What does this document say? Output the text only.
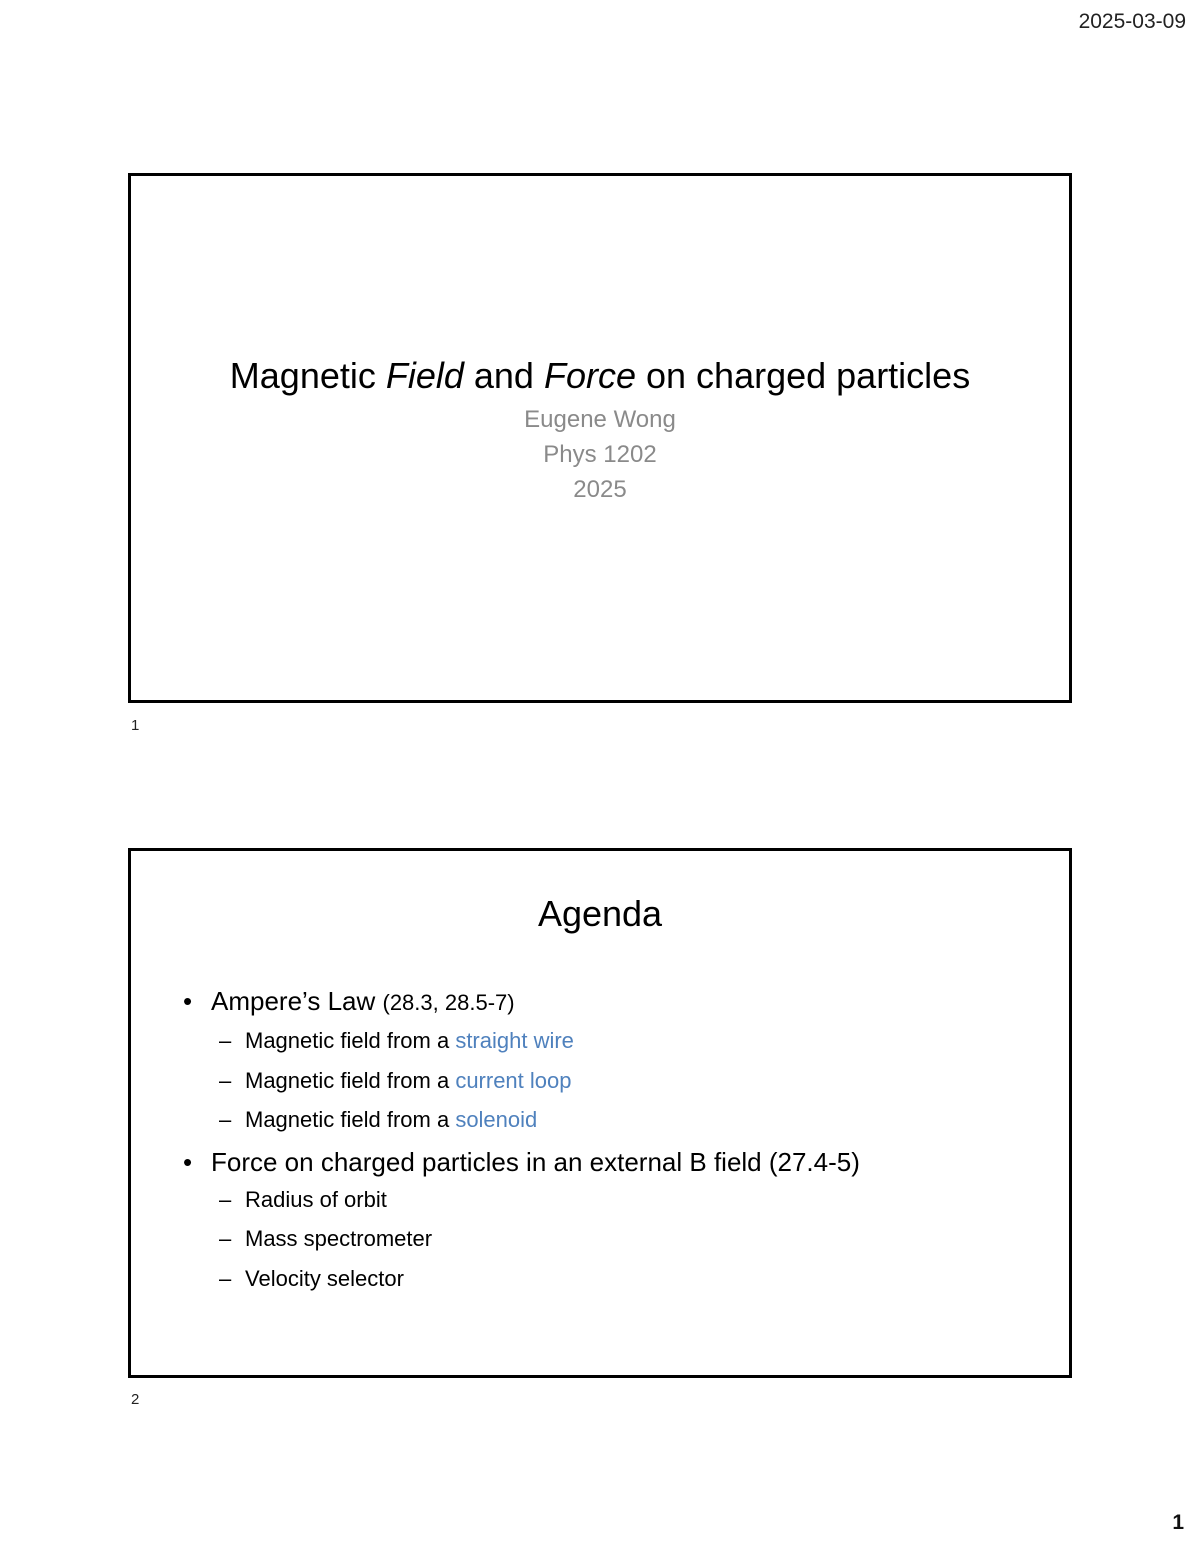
2025-03-09
Magnetic Field and Force on charged particles
Eugene Wong
Phys 1202
2025
1
Agenda
• Ampere’s Law (28.3, 28.5-7)
– Magnetic field from a straight wire
– Magnetic field from a current loop
– Magnetic field from a solenoid
• Force on charged particles in an external B field (27.4-5)
– Radius of orbit
– Mass spectrometer
– Velocity selector
2
1
